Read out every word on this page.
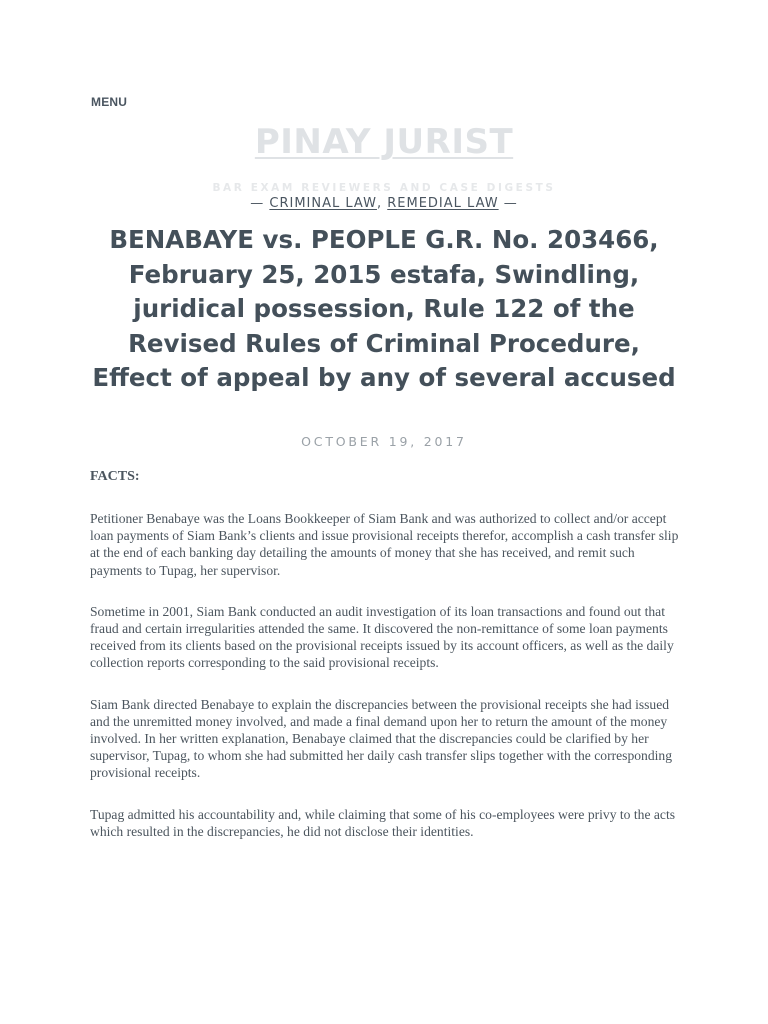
MENU
PINAY JURIST
BAR EXAM REVIEWERS AND CASE DIGESTS
— CRIMINAL LAW, REMEDIAL LAW —
BENABAYE vs. PEOPLE G.R. No. 203466, February 25, 2015 estafa, Swindling, juridical possession, Rule 122 of the Revised Rules of Criminal Procedure, Effect of appeal by any of several accused
OCTOBER 19, 2017
FACTS:

Petitioner Benabaye was the Loans Bookkeeper of Siam Bank and was authorized to collect and/or accept loan payments of Siam Bank’s clients and issue provisional receipts therefor, accomplish a cash transfer slip at the end of each banking day detailing the amounts of money that she has received, and remit such payments to Tupag, her supervisor.

Sometime in 2001, Siam Bank conducted an audit investigation of its loan transactions and found out that fraud and certain irregularities attended the same. It discovered the non-remittance of some loan payments received from its clients based on the provisional receipts issued by its account officers, as well as the daily collection reports corresponding to the said provisional receipts.

Siam Bank directed Benabaye to explain the discrepancies between the provisional receipts she had issued and the unremitted money involved, and made a final demand upon her to return the amount of the money involved. In her written explanation, Benabaye claimed that the discrepancies could be clarified by her supervisor, Tupag, to whom she had submitted her daily cash transfer slips together with the corresponding provisional receipts.

Tupag admitted his accountability and, while claiming that some of his co-employees were privy to the acts which resulted in the discrepancies, he did not disclose their identities.
